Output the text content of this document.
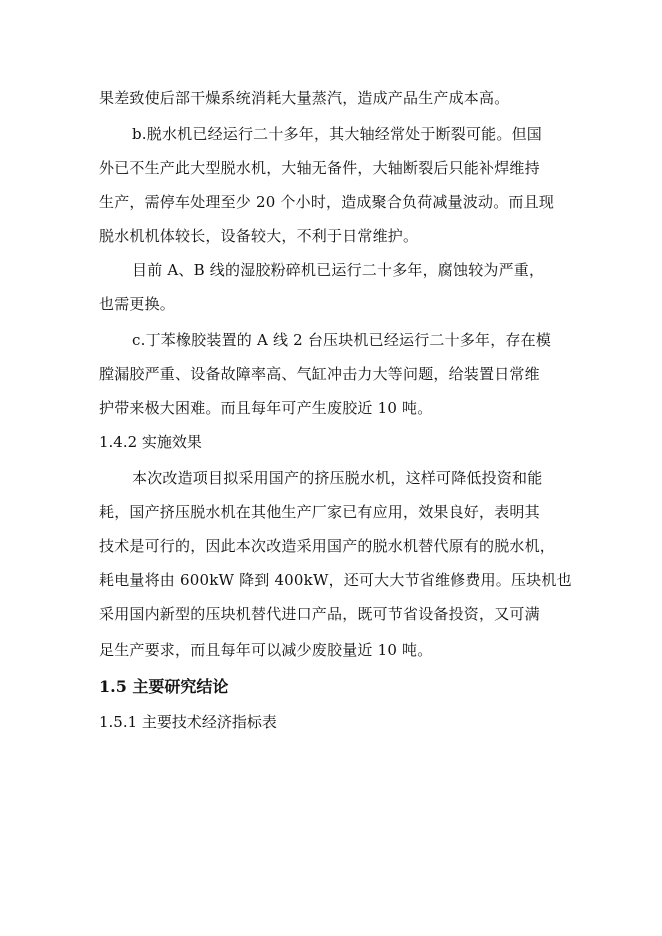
果差致使后部干燥系统消耗大量蒸汽，造成产品生产成本高。
b.脱水机已经运行二十多年，其大轴经常处于断裂可能。但国
外已不生产此大型脱水机，大轴无备件，大轴断裂后只能补焊维持
生产，需停车处理至少 20 个小时，造成聚合负荷减量波动。而且现
脱水机机体较长，设备较大，不利于日常维护。
目前 A、B 线的湿胶粉碎机已运行二十多年，腐蚀较为严重，
也需更换。
c.丁苯橡胶装置的 A 线 2 台压块机已经运行二十多年，存在模
膛漏胶严重、设备故障率高、气缸冲击力大等问题，给装置日常维
护带来极大困难。而且每年可产生废胶近 10 吨。
1.4.2 实施效果
本次改造项目拟采用国产的挤压脱水机，这样可降低投资和能
耗，国产挤压脱水机在其他生产厂家已有应用，效果良好，表明其
技术是可行的，因此本次改造采用国产的脱水机替代原有的脱水机，
耗电量将由 600kW 降到 400kW，还可大大节省维修费用。压块机也
采用国内新型的压块机替代进口产品，既可节省设备投资，又可满
足生产要求，而且每年可以减少废胶量近 10 吨。
1.5 主要研究结论
1.5.1 主要技术经济指标表
